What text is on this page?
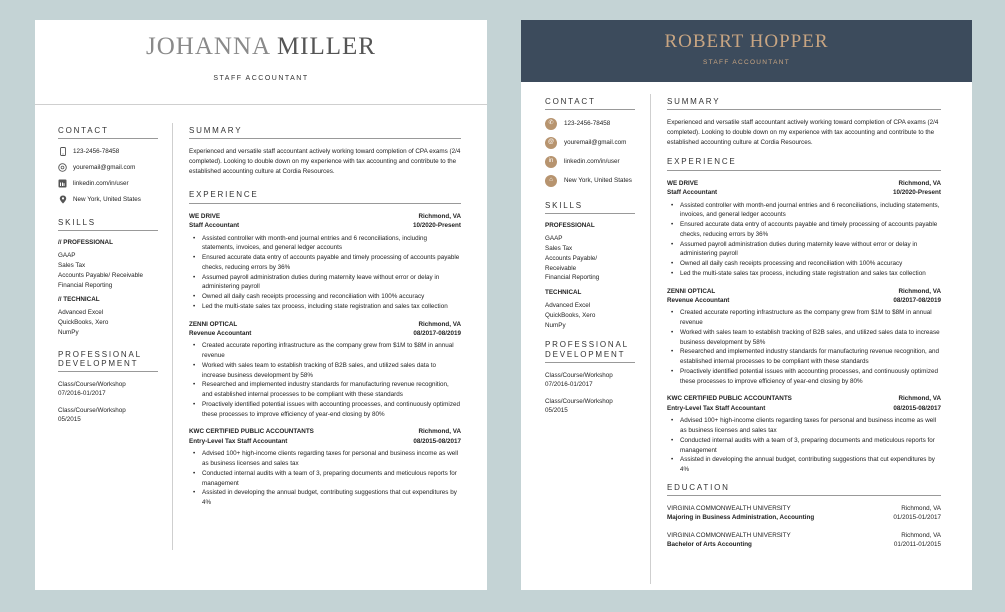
JOHANNA MILLER
STAFF ACCOUNTANT
CONTACT
123-2456-78458
youremail@gmail.com
linkedin.com/in/user
New York, United States
SKILLS
// PROFESSIONAL
GAAP
Sales Tax
Accounts Payable/ Receivable
Financial Reporting
// TECHNICAL
Advanced Excel
QuickBooks, Xero
NumPy
PROFESSIONAL
DEVELOPMENT
Class/Course/Workshop
07/2016-01/2017
Class/Course/Workshop
05/2015
SUMMARY
Experienced and versatile staff accountant actively working toward completion of CPA exams (2/4 completed). Looking to double down on my experience with tax accounting and contribute to the established accounting culture at Cordia Resources.
EXPERIENCE
WE DRIVE	Richmond, VA
Staff Accountant	10/2020-Present
• Assisted controller with month-end journal entries and 6 reconciliations, including statements, invoices, and general ledger accounts
• Ensured accurate data entry of accounts payable and timely processing of accounts payable checks, reducing errors by 36%
• Assumed payroll administration duties during maternity leave without error or delay in administering payroll
• Owned all daily cash receipts processing and reconciliation with 100% accuracy
• Led the multi-state sales tax process, including state registration and sales tax collection
ZENNI OPTICAL	Richmond, VA
Revenue Accountant	08/2017-08/2019
• Created accurate reporting infrastructure as the company grew from $1M to $8M in annual revenue
• Worked with sales team to establish tracking of B2B sales, and utilized sales data to increase business development by 58%
• Researched and implemented industry standards for manufacturing revenue recognition, and established internal processes to be compliant with these standards
• Proactively identified potential issues with accounting processes, and continuously optimized these processes to improve efficiency of year-end closing by 80%
KWC CERTIFIED PUBLIC ACCOUNTANTS	Richmond, VA
Entry-Level Tax Staff Accountant	08/2015-08/2017
• Advised 100+ high-income clients regarding taxes for personal and business income as well as business licenses and sales tax
• Conducted internal audits with a team of 3, preparing documents and meticulous reports for management
• Assisted in developing the annual budget, contributing suggestions that cut expenditures by 4%
ROBERT HOPPER
STAFF ACCOUNTANT
CONTACT
✆	123-2456-78458
@	youremail@gmail.com
in	linkedin.com/in/user
⌂	New York, United States
SKILLS
PROFESSIONAL
GAAP
Sales Tax
Accounts Payable/
Receivable
Financial Reporting
TECHNICAL
Advanced Excel
QuickBooks, Xero
NumPy
PROFESSIONAL
DEVELOPMENT
Class/Course/Workshop
07/2016-01/2017
Class/Course/Workshop
05/2015
SUMMARY
Experienced and versatile staff accountant actively working toward completion of CPA exams (2/4 completed). Looking to double down on my experience with tax accounting and contribute to the established accounting culture at Cordia Resources.
EXPERIENCE
WE DRIVE	Richmond, VA
Staff Accountant	10/2020-Present
• Assisted controller with month-end journal entries and 6 reconciliations, including statements, invoices, and general ledger accounts
• Ensured accurate data entry of accounts payable and timely processing of accounts payable checks, reducing errors by 36%
• Assumed payroll administration duties during maternity leave without error or delay in administering payroll
• Owned all daily cash receipts processing and reconciliation with 100% accuracy
• Led the multi-state sales tax process, including state registration and sales tax collection
ZENNI OPTICAL	Richmond, VA
Revenue Accountant	08/2017-08/2019
• Created accurate reporting infrastructure as the company grew from $1M to $8M in annual revenue
• Worked with sales team to establish tracking of B2B sales, and utilized sales data to increase business development by 58%
• Researched and implemented industry standards for manufacturing revenue recognition, and established internal processes to be compliant with these standards
• Proactively identified potential issues with accounting processes, and continuously optimized these processes to improve efficiency of year-end closing by 80%
KWC CERTIFIED PUBLIC ACCOUNTANTS	Richmond, VA
Entry-Level Tax Staff Accountant	08/2015-08/2017
• Advised 100+ high-income clients regarding taxes for personal and business income as well as business licenses and sales tax
• Conducted internal audits with a team of 3, preparing documents and meticulous reports for management
• Assisted in developing the annual budget, contributing suggestions that cut expenditures by 4%
EDUCATION
VIRGINIA COMMONWEALTH UNIVERSITY	Richmond, VA
Majoring in Business Administration, Accounting	01/2015-01/2017
VIRGINIA COMMONWEALTH UNIVERSITY	Richmond, VA
Bachelor of Arts Accounting	01/2011-01/2015
